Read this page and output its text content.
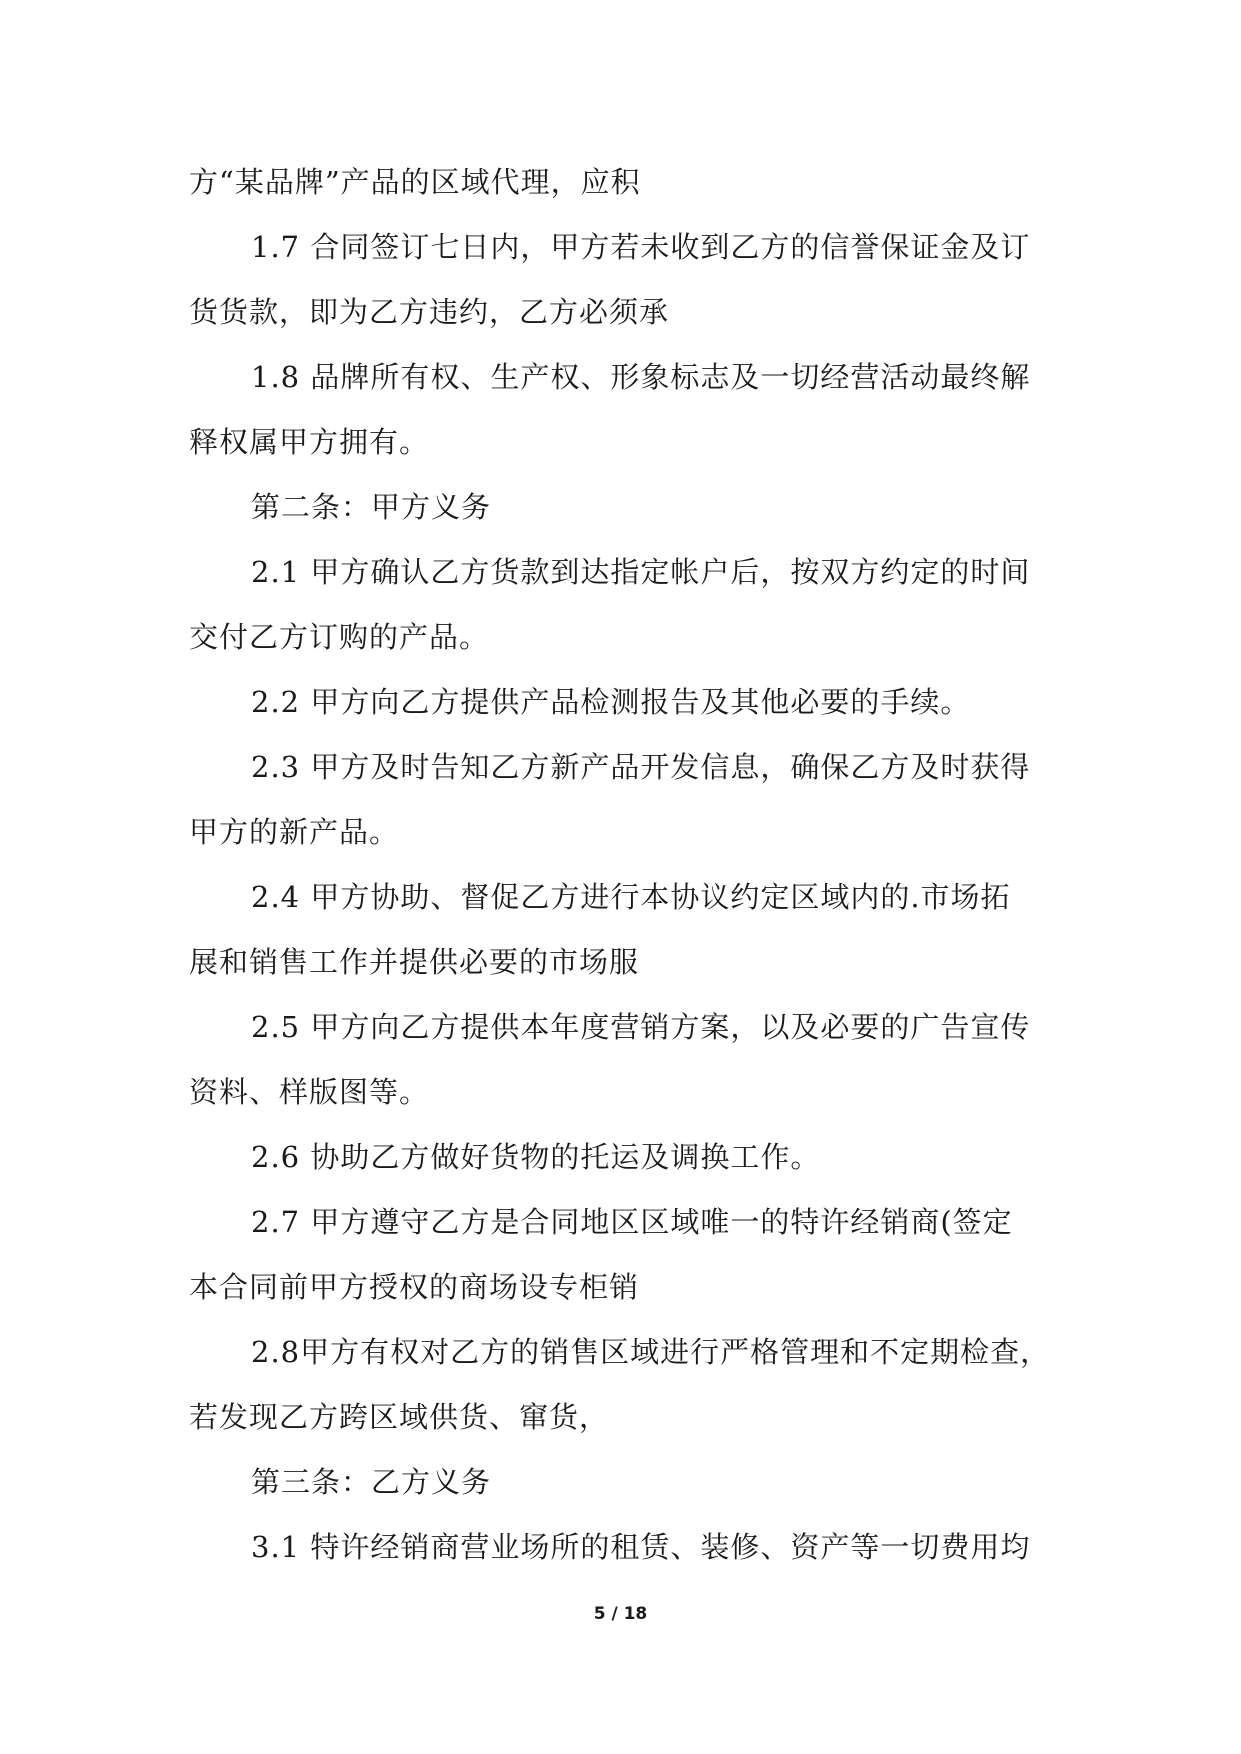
方“某品牌”产品的区域代理，应积
1.7 合同签订七日内，甲方若未收到乙方的信誉保证金及订
货货款，即为乙方违约，乙方必须承
1.8 品牌所有权、生产权、形象标志及一切经营活动最终解
释权属甲方拥有。
第二条：甲方义务
2.1 甲方确认乙方货款到达指定帐户后，按双方约定的时间
交付乙方订购的产品。
2.2 甲方向乙方提供产品检测报告及其他必要的手续。
2.3 甲方及时告知乙方新产品开发信息，确保乙方及时获得
甲方的新产品。
2.4 甲方协助、督促乙方进行本协议约定区域内的.市场拓
展和销售工作并提供必要的市场服
2.5 甲方向乙方提供本年度营销方案，以及必要的广告宣传
资料、样版图等。
2.6 协助乙方做好货物的托运及调换工作。
2.7 甲方遵守乙方是合同地区区域唯一的特许经销商(签定
本合同前甲方授权的商场设专柜销
2.8甲方有权对乙方的销售区域进行严格管理和不定期检查，
若发现乙方跨区域供货、窜货，
第三条：乙方义务
3.1 特许经销商营业场所的租赁、装修、资产等一切费用均
5 / 18
